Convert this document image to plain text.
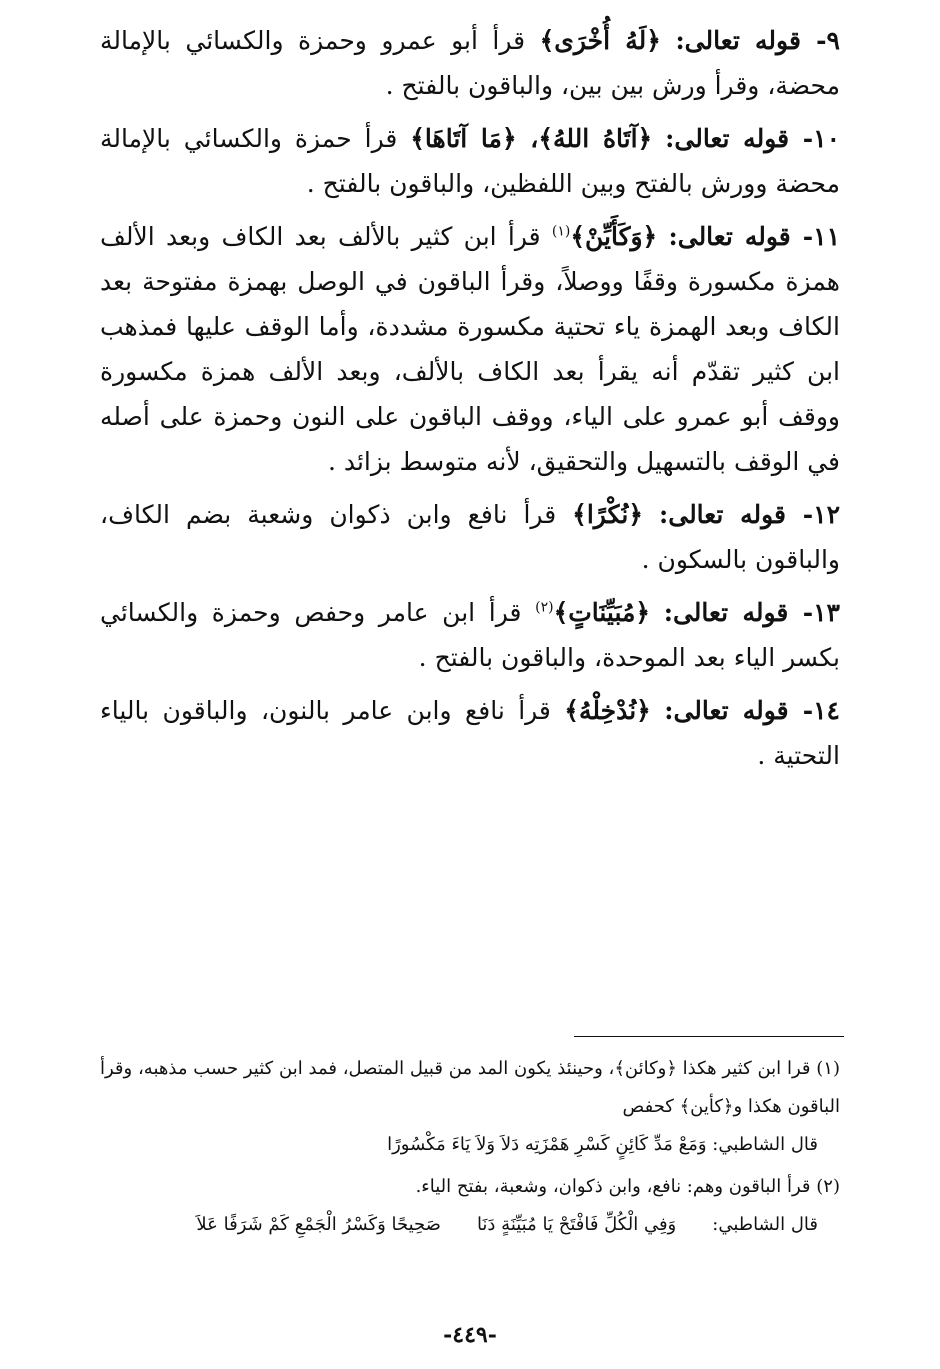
٩- قوله تعالى: ﴿لَهُ أُخْرَى﴾ قرأ أبو عمرو وحمزة والكسائي بالإمالة محضة، وقرأ ورش بين بين، والباقون بالفتح .

١٠- قوله تعالى: ﴿آتَاهُ اللهُ﴾، ﴿مَا آتَاهَا﴾ قرأ حمزة والكسائي بالإمالة محضة وورش بالفتح وبين اللفظين، والباقون بالفتح .

١١- قوله تعالى: ﴿وَكَأَيِّنْ﴾$^{(١)}$ قرأ ابن كثير بالألف بعد الكاف وبعد الألف همزة مكسورة وقفًا ووصلاً، وقرأ الباقون في الوصل بهمزة مفتوحة بعد الكاف وبعد الهمزة ياء تحتية مكسورة مشددة، وأما الوقف عليها فمذهب ابن كثير تقدّم أنه يقرأ بعد الكاف بالألف، وبعد الألف همزة مكسورة ووقف أبو عمرو على الياء، ووقف الباقون على النون وحمزة على أصله في الوقف بالتسهيل والتحقيق، لأنه متوسط بزائد .

١٢- قوله تعالى: ﴿نُكْرًا﴾ قرأ نافع وابن ذكوان وشعبة بضم الكاف، والباقون بالسكون .

١٣- قوله تعالى: ﴿مُبَيِّنَاتٍ﴾$^{(٢)}$ قرأ ابن عامر وحفص وحمزة والكسائي بكسر الياء بعد الموحدة، والباقون بالفتح .

١٤- قوله تعالى: ﴿نُدْخِلْهُ﴾ قرأ نافع وابن عامر بالنون، والباقون بالياء التحتية .

(١) قرا ابن كثير هكذا ﴿وكائن﴾، وحينئذ يكون المد من قبيل المتصل، فمد ابن كثير حسب مذهبه، وقرأ الباقون هكذا و﴿كأين﴾ كحفص
قال الشاطبي: وَمَعْ مَدِّ كَائِنٍ كَسْرِ هَمْزَتِه دَلاَ وَلاَ يَاءَ مَكْسُورًا
(٢) قرأ الباقون وهم: نافع، وابن ذكوان، وشعبة، بفتح الياء.
قال الشاطبي:
وَفِي الْكُلِّ فَافْتَحْ يَا مُبَيِّنَةٍ دَنَا
صَحِيحًا وَكَسْرُ الْجَمْعِ كَمْ شَرَفًا عَلاَ
-٤٤٩-
